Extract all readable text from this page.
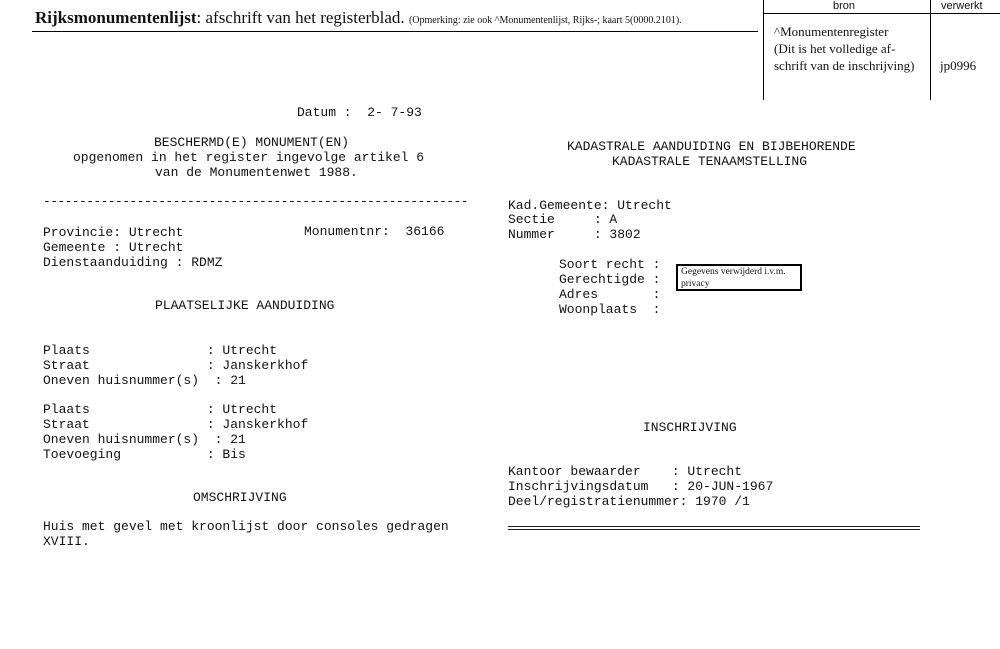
Rijksmonumentenlijst: afschrift van het registerblad. (Opmerking: zie ook ^Monumentenlijst, Rijks-; kaart 5(0000.2101).
bron	verwerkt
^Monumentenregister
(Dit is het volledige af-
schrift van de inschrijving) jp0996
Datum :  2- 7-93
BESCHERMD(E) MONUMENT(EN)
opgenomen in het register ingevolge artikel 6
van de Monumentenwet 1988.
-----------------------------------------------------------
Provincie: Utrecht	Monumentnr:  36166
Gemeente : Utrecht
Dienstaanduiding : RDMZ
PLAATSELIJKE AANDUIDING
Plaats               : Utrecht
Straat               : Janskerkhof
Oneven huisnummer(s)  : 21
Plaats               : Utrecht
Straat               : Janskerkhof
Oneven huisnummer(s)  : 21
Toevoeging           : Bis
OMSCHRIJVING
Huis met gevel met kroonlijst door consoles gedragen
XVIII.
KADASTRALE AANDUIDING EN BIJBEHORENDE
KADASTRALE TENAAMSTELLING
Kad.Gemeente: Utrecht
Sectie     : A
Nummer     : 3802
Soort recht :
Gerechtigde :
Adres       :
Woonplaats  :
Gegevens verwijderd i.v.m. privacy
INSCHRIJVING
Kantoor bewaarder    : Utrecht
Inschrijvingsdatum   : 20-JUN-1967
Deel/registratienummer: 1970 /1
